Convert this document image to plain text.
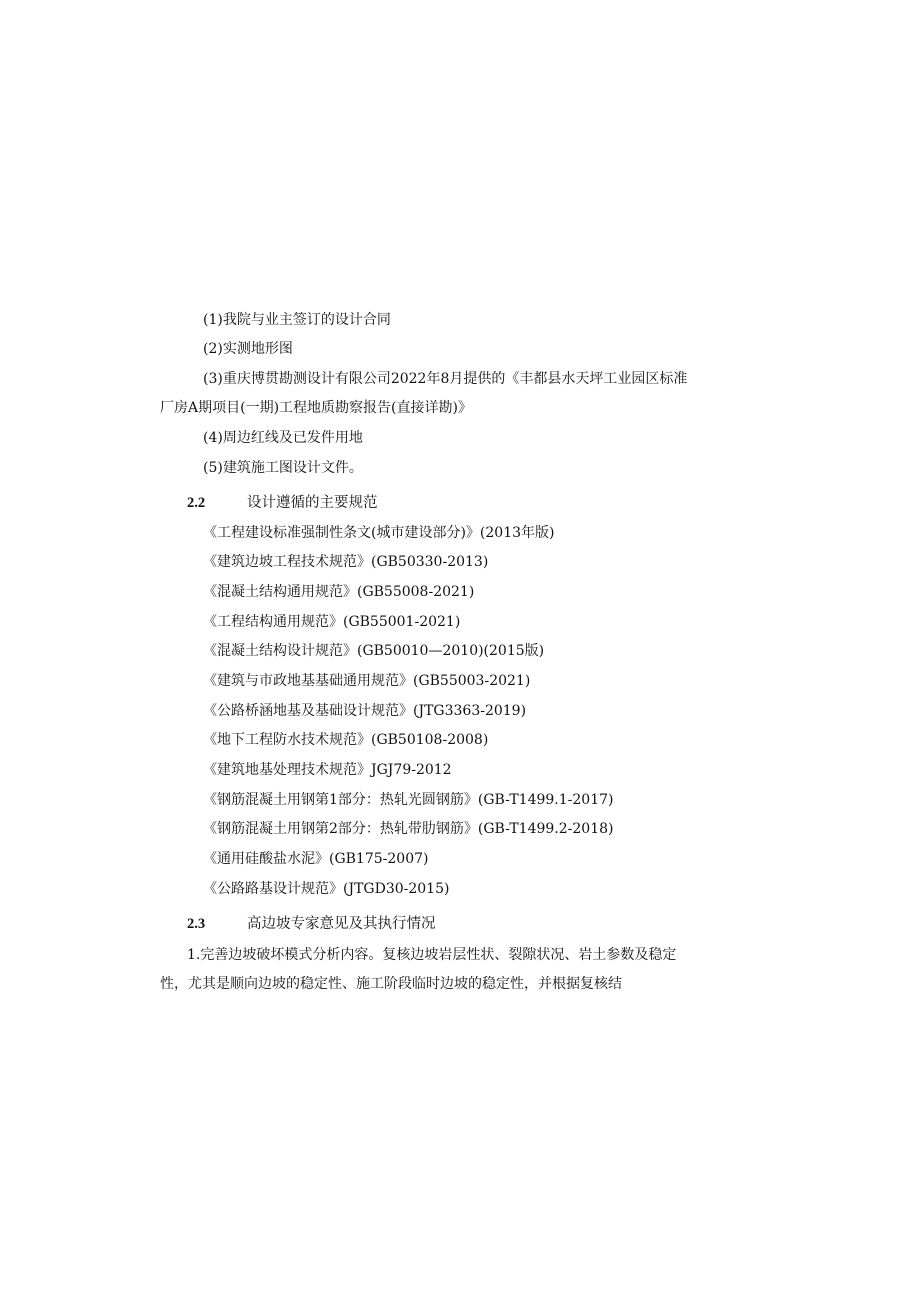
(1)我院与业主签订的设计合同
(2)实测地形图
(3)重庆博贯勘测设计有限公司2022年8月提供的《丰都县水天坪工业园区标准
厂房A期项目(一期)工程地质勘察报告(直接详勘)》
(4)周边红线及已发件用地
(5)建筑施工图设计文件。
2.2	设计遵循的主要规范
《工程建设标准强制性条文(城市建设部分)》(2013年版)
《建筑边坡工程技术规范》(GB50330-2013)
《混凝土结构通用规范》(GB55008-2021)
《工程结构通用规范》(GB55001-2021)
《混凝土结构设计规范》(GB50010—2010)(2015版)
《建筑与市政地基基础通用规范》(GB55003-2021)
《公路桥涵地基及基础设计规范》(JTG3363-2019)
《地下工程防水技术规范》(GB50108-2008)
《建筑地基处理技术规范》JGJ79-2012
《钢筋混凝土用钢第1部分：热轧光圆钢筋》(GB-T1499.1-2017)
《钢筋混凝土用钢第2部分：热轧带肋钢筋》(GB-T1499.2-2018)
《通用硅酸盐水泥》(GB175-2007)
《公路路基设计规范》(JTGD30-2015)
2.3	高边坡专家意见及其执行情况
1.完善边坡破坏模式分析内容。复核边坡岩层性状、裂隙状况、岩土参数及稳定
性，尤其是顺向边坡的稳定性、施工阶段临时边坡的稳定性，并根据复核结
